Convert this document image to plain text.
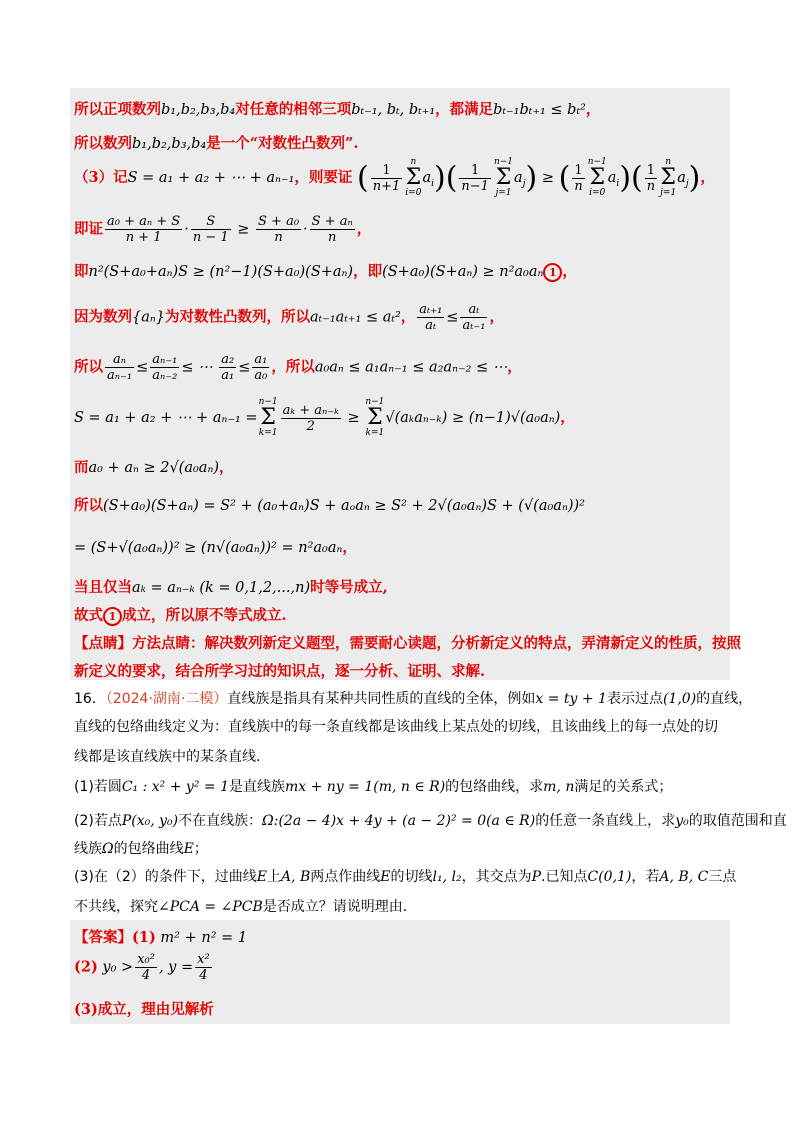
所以正项数列b₁,b₂,b₃,b₄对任意的相邻三项bₜ₋₁, bₜ, bₜ₊₁，都满足bₜ₋₁bₜ₊₁ ≤ bₜ²，
所以数列b₁,b₂,b₃,b₄是一个“对数性凸数列”.
（3）记S = a₁ + a₂ + ⋯ + aₙ₋₁，则要证 ( $\frac{1}{n+1}$
n
Σ
$i=0a_i)( \frac{1}{n-1}$
n−1
Σ
$j=1a_j$) ≥ ( $\frac{1}{n}$
n−1
Σ
$i=0a_i)( \frac{1}{n}$
n
Σ
$j=1a_j$)，
即证 $\frac{\text{a₀ + aₙ + S}}{n + 1} \cdot \frac{S}{n - 1} \ge \frac{\text{S + a₀}}{n} \cdot \frac{\text{S + aₙ}}{n}$ ，
即n²(S+a₀+aₙ)S ≥ (n²−1)(S+a₀)(S+aₙ)，即(S+a₀)(S+aₙ) ≥ n²a₀aₙ 1 ，
因为数列{aₙ}为对数性凸数列，所以aₜ₋₁aₜ₊₁ ≤ aₜ²， $\frac{\text{aₜ₊₁}}{\text{aₜ}} \le \frac{\text{aₜ}}{\text{aₜ₋₁}}$ ，
所以 $\frac{\text{aₙ}}{\text{aₙ₋₁}} \le \frac{\text{aₙ₋₁}}{\text{aₙ₋₂}}$ ≤ ⋯ $\frac{\text{a₂}}{\text{a₁}} \le \frac{\text{a₁}}{\text{a₀}}$ ，所以a₀aₙ ≤ a₁aₙ₋₁ ≤ a₂aₙ₋₂ ≤ ⋯，
S = a₁ + a₂ + ⋯ + aₙ₋₁ =n−1
Σ
$k=1 \frac{\text{aₖ + aₙ₋ₖ}}{2} \ge n-1$
Σ
k=1√(aₖaₙ₋ₖ) ≥ (n−1)√(a₀aₙ)，
而a₀ + aₙ ≥ 2√(a₀aₙ)，
所以(S+a₀)(S+aₙ) = S² + (a₀+aₙ)S + aₒaₙ ≥ S² + 2√(a₀aₙ)S + (√(a₀aₙ))²
= (S+√(a₀aₙ))² ≥ (n√(a₀aₙ))² = n²a₀aₙ，
当且仅当aₖ = aₙ₋ₖ (k = 0,1,2,...,n)时等号成立,
故式 1 成立，所以原不等式成立.
【点睛】方法点睛：解决数列新定义题型，需要耐心读题，分析新定义的特点，弄清新定义的性质，按照
新定义的要求，结合所学习过的知识点，逐一分析、证明、求解.
16．（2024·湖南·二模）直线族是指具有某种共同性质的直线的全体，例如x = ty + 1表示过点(1,0)的直线，
直线的包络曲线定义为：直线族中的每一条直线都是该曲线上某点处的切线，且该曲线上的每一点处的切
线都是该直线族中的某条直线.
(1)若圆C₁ : x² + y² = 1是直线族mx + ny = 1(m, n ∈ R)的包络曲线，求m, n满足的关系式；
(2)若点P(x₀, y₀)不在直线族：Ω:(2a − 4)x + 4y + (a − 2)² = 0(a ∈ R)的任意一条直线上，求y₀的取值范围和直
线族Ω的包络曲线E；
(3)在（2）的条件下，过曲线E上A, B两点作曲线E的切线l₁, l₂，其交点为P.已知点C(0,1)，若A, B, C三点
不共线，探究∠PCA = ∠PCB是否成立？请说明理由.
【答案】(1) m² + n² = 1
(2) $y_0 > \frac{\text{x₀²}}{4}$ , $y = \frac{\text{x²}}{4}$
(3)成立，理由见解析
